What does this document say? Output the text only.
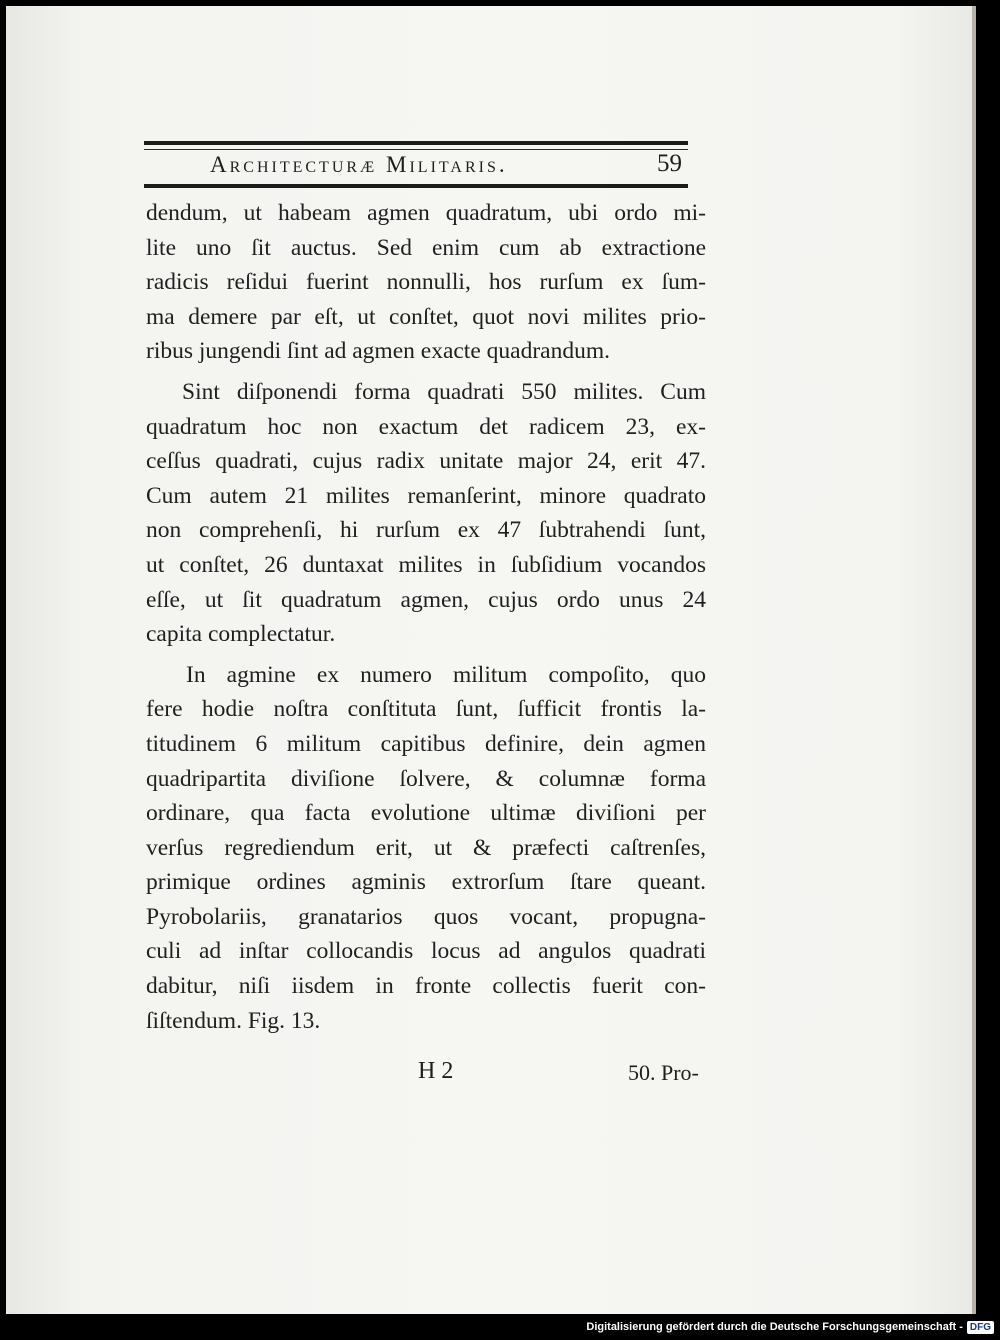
Architecturæ Militaris.	59
dendum, ut habeam agmen quadratum, ubi ordo mi-
lite uno ſit auctus. Sed enim cum ab extractione
radicis reſidui fuerint nonnulli, hos rurſum ex ſum-
ma demere par eſt, ut conſtet, quot novi milites prio-
ribus jungendi ſint ad agmen exacte quadrandum.
Sint diſponendi forma quadrati 550 milites. Cum
quadratum hoc non exactum det radicem 23, ex-
ceſſus quadrati, cujus radix unitate major 24, erit 47.
Cum autem 21 milites remanſerint, minore quadrato
non comprehenſi, hi rurſum ex 47 ſubtrahendi ſunt,
ut conſtet, 26 duntaxat milites in ſubſidium vocandos
eſſe, ut ſit quadratum agmen, cujus ordo unus 24
capita complectatur.
In agmine ex numero militum compoſito, quo
fere hodie noſtra conſtituta ſunt, ſufficit frontis la-
titudinem 6 militum capitibus definire, dein agmen
quadripartita diviſione ſolvere, & columnæ forma
ordinare, qua facta evolutione ultimæ diviſioni per
verſus regrediendum erit, ut & præfecti caſtrenſes,
primique ordines agminis extrorſum ſtare queant.
Pyrobolariis, granatarios quos vocant, propugna-
culi ad inſtar collocandis locus ad angulos quadrati
dabitur, niſi iisdem in fronte collectis fuerit con-
ſiſtendum. Fig. 13.
H 2	50. Pro-
Digitalisierung gefördert durch die Deutsche Forschungsgemeinschaft - DFG
